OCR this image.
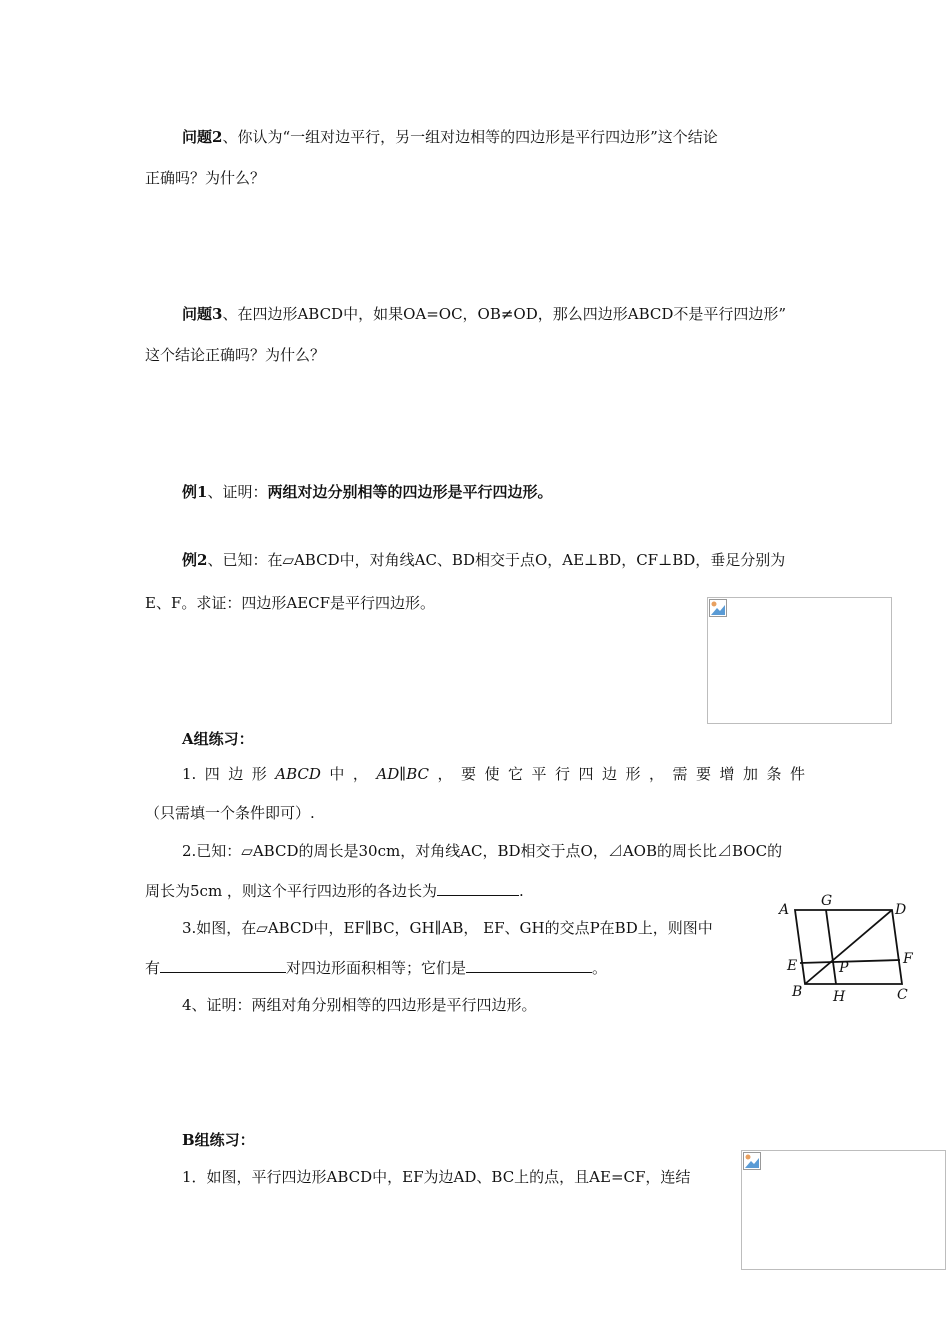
问题2、你认为“一组对边平行，另一组对边相等的四边形是平行四边形”这个结论
正确吗？为什么？
问题3、在四边形ABCD中，如果OA=OC，OB≠OD，那么四边形ABCD不是平行四边形”
这个结论正确吗？为什么？
例1、证明：两组对边分别相等的四边形是平行四边形。
例2、已知：在▱ABCD中，对角线AC、BD相交于点O，AE⊥BD，CF⊥BD，垂足分别为
E、F。求证：四边形AECF是平行四边形。
A组练习：
1. 四 边 形 ABCD 中 ， AD∥BC ， 要 使 它 平 行 四 边 形 ， 需 要 增 加 条 件
（只需填一个条件即可）.
2.已知：▱ABCD的周长是30cm，对角线AC，BD相交于点O，⊿AOB的周长比⊿BOC的
周长为5cm ，则这个平行四边形的各边长为	.
3.如图，在▱ABCD中，EF∥BC，GH∥AB， EF、GH的交点P在BD上，则图中
有	对四边形面积相等；它们是	。
4、证明：两组对角分别相等的四边形是平行四边形。
A
G
D
E	P
F
B H	C
B组练习：
1．如图，平行四边形ABCD中，EF为边AD、BC上的点，且AE=CF，连结
